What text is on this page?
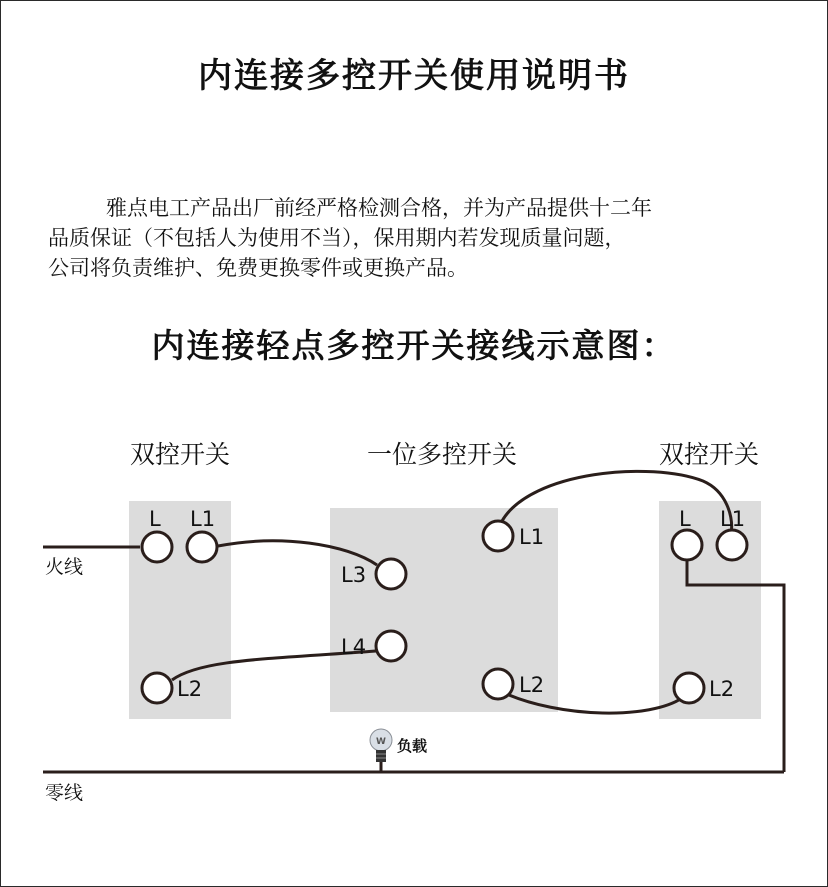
内连接多控开关使用说明书
雅点电工产品出厂前经严格检测合格，并为产品提供十二年
品质保证（不包括人为使用不当），保用期内若发现质量问题，
公司将负责维护、免费更换零件或更换产品。
内连接轻点多控开关接线示意图：
双控开关	一位多控开关	双控开关
L L1
L2
L1
L3
L4
L2
L L1
L2
火线
零线
W 负载
